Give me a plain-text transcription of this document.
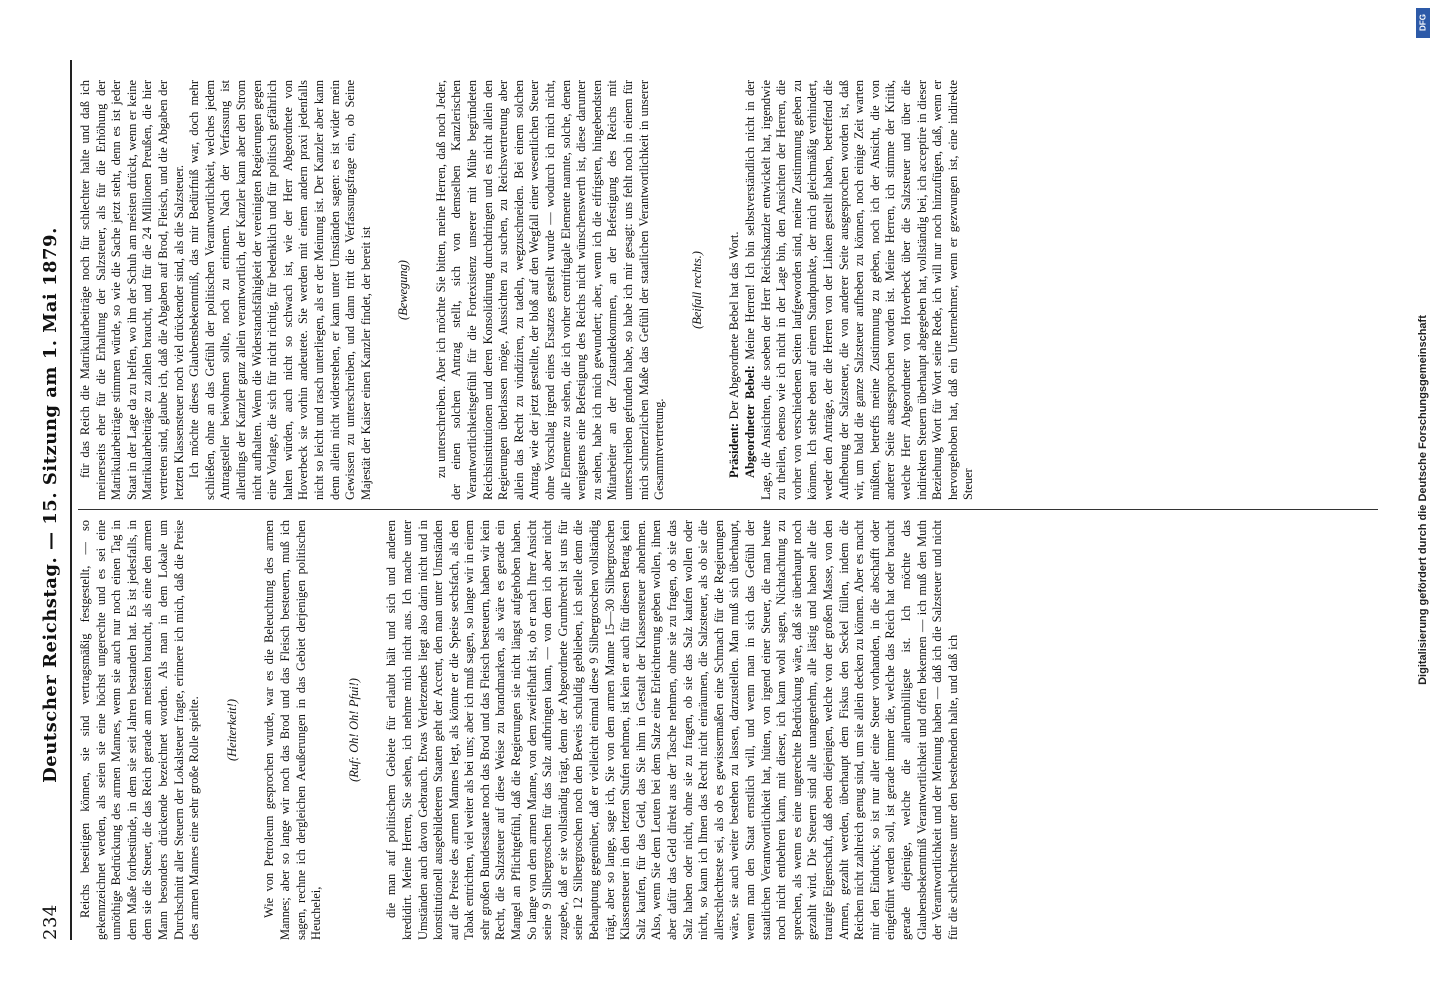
234
Deutscher Reichstag. — 15. Sitzung am 1. Mai 1879. Reichs beseitigen können, sie sind vertragsmäßig festgestellt, — so gekennzeichnet werden, als seien sie eine höchst ungerechte und es sei eine unnöthige Bedrückung des armen Mannes, wenn sie auch nur noch einen Tag in dem Maße fortbestünde, in dem sie seit Jahren bestanden hat. Es ist jedesfalls, in dem sie die Steuer, die das Reich gerade am meisten braucht, als eine den armen Mann besonders drückende bezeichnet worden. Als man in dem Lokale um Durchschnitt aller Steuern der Lokalsteuer fragte, erinnere ich mich, daß die Preise des armen Mannes eine sehr große Rolle spielte. (Heiterkeit!) Wie von Petroleum gesprochen wurde, war es die Beleuchtung des armen Mannes; aber so lange wir noch das Brod und das Fleisch besteuern, muß ich sagen, rechne ich dergleichen Aeußerungen in das Gebiet derjenigen politischen Heuchelei,

(Ruf: Oh! Oh! Pfui!) die man auf politischem Gebiete für erlaubt hält und sich und anderen kredidirt. Meine Herren, Sie sehen, ich nehme mich nicht aus. Ich mache unter Umständen auch davon Gebrauch. Etwas Verletzendes liegt also darin nicht und in konstitutionell ausgebildeteren Staaten geht der Accent, den man unter Umständen auf die Preise des armen Mannes legt, als könnte er die Speise sechsfach, als den Tabak entrichten, viel weiter als bei uns; aber ich muß sagen, so lange wir in einem sehr großen Bundesstaate noch das Brod und das Fleisch besteuern, haben wir kein Recht, die Salzsteuer auf diese Weise zu brandmarken, als wäre es gerade ein Mangel an Pflichtgefühl, daß die Regierungen sie nicht längst aufgehoben haben. So lange von dem armen Manne, von dem zweifelhaft ist, ob er nach Ihrer Ansicht seine 9 Silbergroschen für das Salz aufbringen kann, — von dem ich aber nicht zugebe, daß er sie vollständig trägt, denn der Abgeordnete Grumbrecht ist uns für seine 12 Silbergroschen noch den Beweis schuldig geblieben, ich stelle denn die Behauptung gegenüber, daß er vielleicht einmal diese 9 Silbergroschen vollständig trägt, aber so lange, sage ich, Sie von dem armen Manne 15—30 Silbergroschen Klassensteuer in den letzten Stufen nehmen, ist kein er auch für diesen Betrag kein Salz kaufen, für das Geld, das Sie ihm in Gestalt der Klassensteuer abnehmen. Also, wenn Sie dem Leuten bei dem Salze eine Erleichterung geben wollen, ihnen aber dafür das Geld direkt aus der Tasche nehmen, ohne sie zu fragen, ob sie das Salz haben oder nicht, ohne sie zu fragen, ob sie das Salz kaufen wollen oder nicht, so kann ich Ihnen das Recht nicht einräumen, die Salzsteuer, als ob sie die allerschlechteste sei, als ob es gewissermaßen eine Schmach für die Regierungen wäre, sie auch weiter bestehen zu lassen, darzustellen. Man muß sich überhaupt, wenn man den Staat ernstlich will, und wenn man in sich das Gefühl der staatlichen Verantwortlichkeit hat, hüten, von irgend einer Steuer, die man heute noch nicht entbehren kann, mit dieser, ich kann wohl sagen, Nichtachtung zu sprechen, als wenn es eine ungerechte Bedrückung wäre, daß sie überhaupt noch gezahlt wird. Die Steuern sind alle unangenehm, alle lästig und haben alle die traurige Eigenschaft, daß eben diejenigen, welche von der großen Masse, von den Armen, gezahlt werden, überhaupt dem Fiskus den Seckel füllen, indem die Reichen nicht zahlreich genug sind, um sie allein decken zu können. Aber es macht mir den Eindruck; so ist nur aller eine Steuer vorhanden, in die abschafft oder eingeführt werden soll, ist gerade immer die, welche das Reich hat oder braucht gerade diejenige, welche die allerunbilligste ist. Ich möchte das Glaubensbekenntniß Verantwortlichkeit und offen bekennen — ich muß den Muth der Verantwortlichkeit und der Meinung haben — daß ich die Salzsteuer und nicht für die schlechteste unter den bestehenden halte, und daß ich

für das Reich die Matrikularbeiträge noch für schlechter halte und daß ich meinerseits eher für die Erhaltung der Salzsteuer, als für die Erhöhung der Matrikularbeiträge stimmen würde, so wie die Sache jetzt steht, denn es ist jeder Staat in der Lage da zu helfen, wo ihn der Schuh am meisten drückt, wenn er keine Matrikularbeiträge zu zahlen braucht, und für die 24 Millionen Preußen, die hier vertreten sind, glaube ich, daß die Abgaben auf Brod, Fleisch, und die Abgaben der letzten Klassensteuer noch viel drückender sind, als die Salzsteuer. Ich möchte dieses Glaubensbekenntniß, das mir Bedürfniß war, doch mehr schließen, ohne an das Gefühl der politischen Verantwortlichkeit, welches jedem Antragsteller beiwohnen sollte, noch zu erinnern. Nach der Verfassung ist allerdings der Kanzler ganz allein verantwortlich, der Kanzler kann aber den Strom nicht aufhalten. Wenn die Widerstandsfähigkeit der vereinigten Regierungen gegen eine Vorlage, die sich für nicht richtig, für bedenklich und für politisch gefährlich halten würden, auch nicht so schwach ist, wie der Herr Abgeordnete von Hoverbeck sie vorhin andeutete. Sie werden mit einem andern praxi jedenfalls nicht so leicht und rasch unterliegen, als er der Meinung ist. Der Kanzler aber kann denn allein nicht widerstehen, er kann unter Umständen sagen: es ist wider mein Gewissen zu unterschreiben, und dann tritt die Verfassungsfrage ein, ob Seine Majestät der Kaiser einen Kanzler findet, der bereit ist (Bewegung) zu unterschreiben. Aber ich möchte Sie bitten, meine Herren, daß noch Jeder, der einen solchen Antrag stellt, sich von demselben Kanzlerischen Verantwortlichkeitsgefühl für die Fortexistenz unserer mit Mühe begründeten Reichsinstitutionen und deren Konsolidirung durchdringen und es nicht allein den Regierungen überlassen möge, Aussichten zu suchen, zu Reichsvertretung aber allein das Recht zu vindiziren, zu tadeln, wegzuschneiden. Bei einem solchen Antrag, wie der jetzt gestellte, der bloß auf den Wegfall einer wesentlichen Steuer ohne Vorschlag irgend eines Ersatzes gestellt wurde — wodurch ich mich nicht, alle Elemente zu sehen, die ich vorher centrifugale Elemente nannte, solche, denen wenigstens eine Befestigung des Reichs nicht wünschenswerth ist, diese darunter zu sehen, habe ich mich gewundert; aber, wenn ich die eifrigsten, hingebendsten Mitarbeiter an der Zustandekommen, an der Befestigung des Reichs mit unterschreiben gefunden habe, so habe ich mir gesagt: uns fehlt noch in einem für mich schmerzlichen Maße das Gefühl der staatlichen Verantwortlichkeit in unserer Gesammtvertretung.

(Beifall rechts.)

Präsident: Der Abgeordnete Bebel hat das Wort.

Abgeordneter Bebel: Meine Herren! Ich bin selbstverständlich nicht in der Lage, die Ansichten, die soeben der Herr Reichskanzler entwickelt hat, irgendwie zu theilen, ebenso wie ich nicht in der Lage bin, den Ansichten der Herren, die vorher von verschiedenen Seiten laufgeworden sind, meine Zustimmung geben zu können. Ich stehe eben auf einem Standpunkte, der mich gleichmäßig verhindert, weder den Anträge, der die Herren von der Linken gestellt haben, betreffend die Aufhebung der Salzsteuer, die von anderer Seite ausgesprochen worden ist, daß wir, um bald die ganze Salzsteuer aufheben zu können, noch einige Zeit warten müßten, betreffs meine Zustimmung zu geben, noch ich der Ansicht, die von anderer Seite ausgesprochen worden ist. Meine Herren, ich stimme der Kritik, welche Herr Abgeordneter von Hoverbeck über die Salzsteuer und über die indirekten Steuern überhaupt abgegeben hat, vollständig bei, ich acceptire in dieser Beziehung Wort für Wort seine Rede, ich will nur noch hinzufügen, daß, wenn er hervorgehoben hat, daß ein Unternehmer, wenn er gezwungen ist, eine indirekte Steuer	Digitalisierung gefördert durch die Deutsche Forschungsgemeinschaft
DFG
